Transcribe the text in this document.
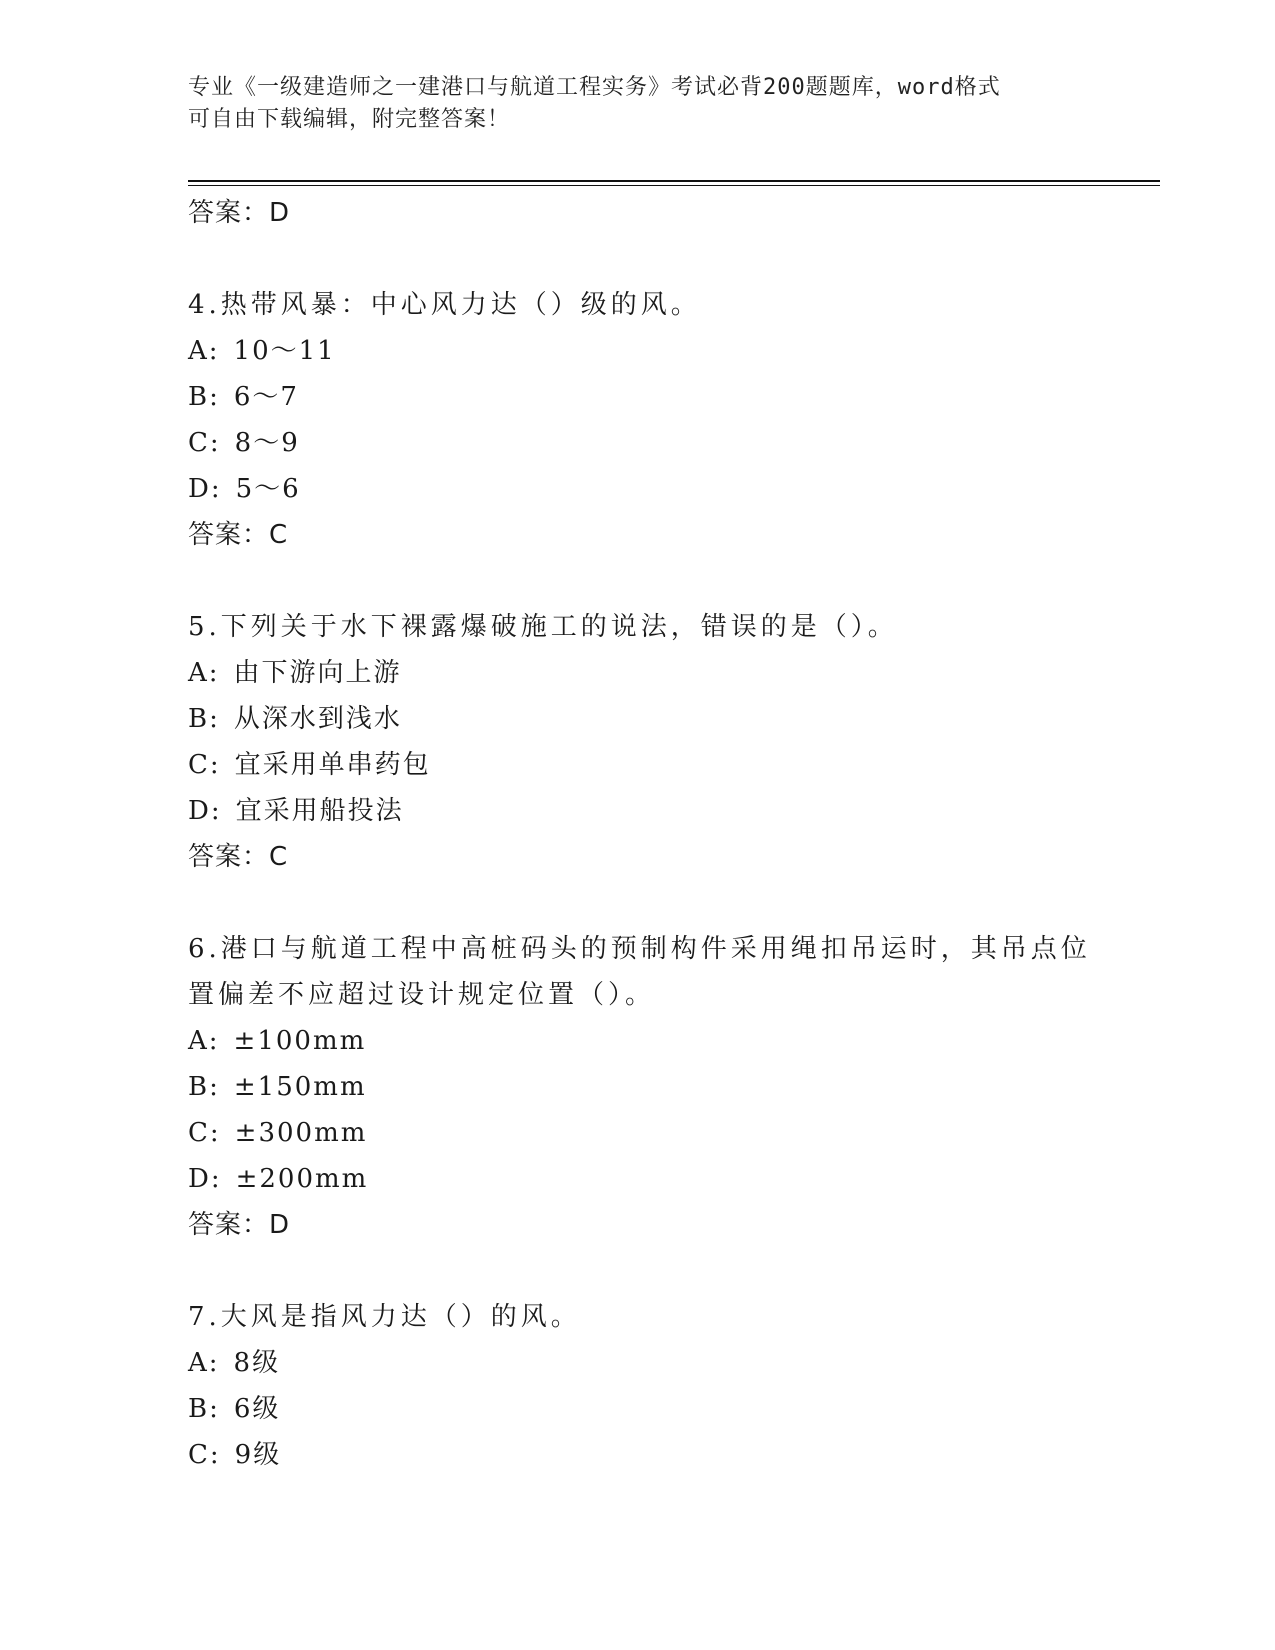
专业《一级建造师之一建港口与航道工程实务》考试必背200题题库，word格式
可自由下载编辑，附完整答案！
答案：D
4.热带风暴：中心风力达（）级的风。
A: 10～11
B: 6～7
C: 8～9
D: 5～6
答案：C
5.下列关于水下裸露爆破施工的说法，错误的是（）。
A: 由下游向上游
B: 从深水到浅水
C: 宜采用单串药包
D: 宜采用船投法
答案：C
6.港口与航道工程中高桩码头的预制构件采用绳扣吊运时，其吊点位
置偏差不应超过设计规定位置（）。
A: ±100mm
B: ±150mm
C: ±300mm
D: ±200mm
答案：D
7.大风是指风力达（）的风。
A: 8级
B: 6级
C: 9级
